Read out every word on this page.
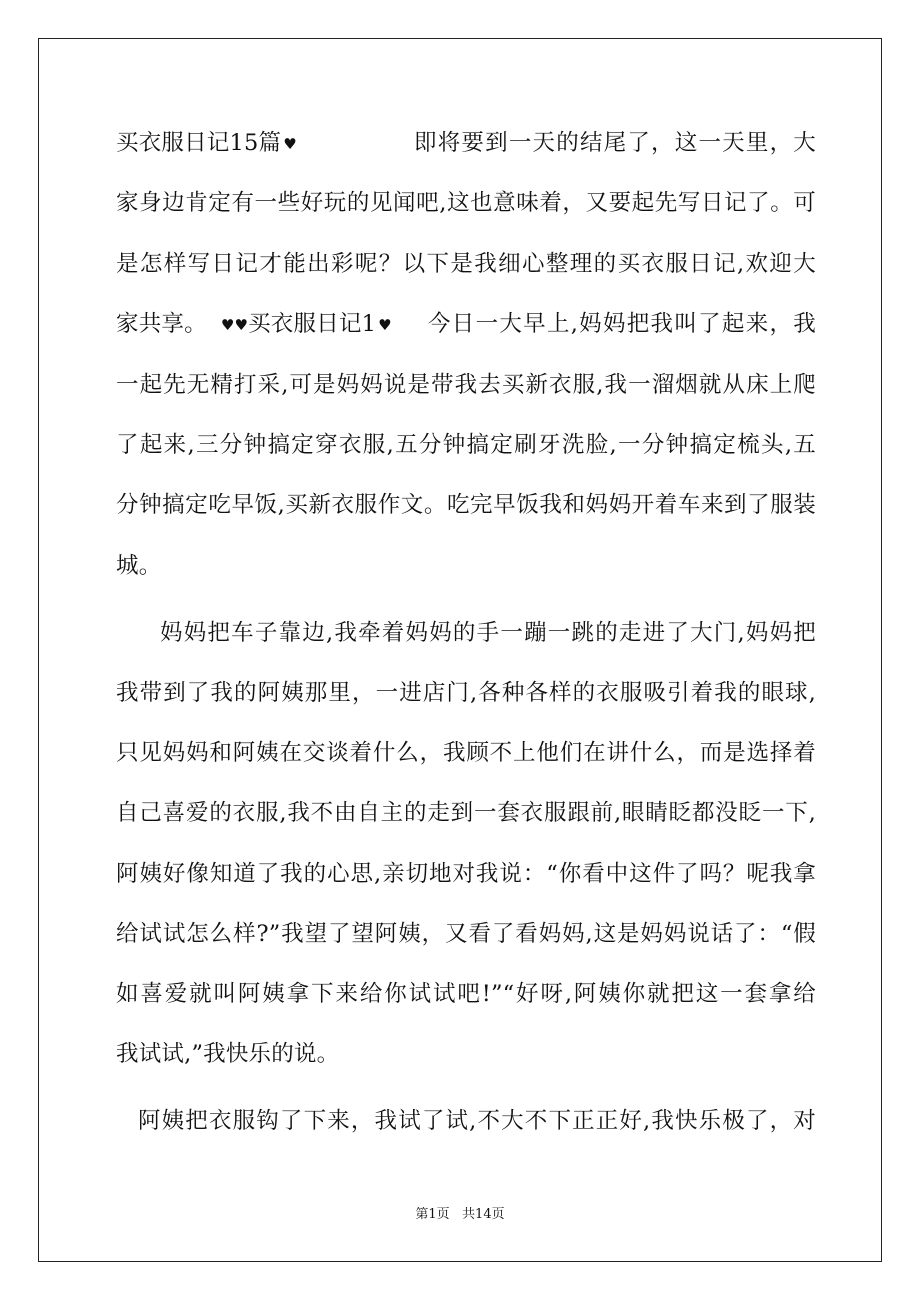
买衣服日记15篇 ♥	即将要到一天的结尾了，这一天里，大
家身边肯定有一些好玩的见闻吧,这也意味着，又要起先写日记了。可
是怎样写日记才能出彩呢？以下是我细心整理的买衣服日记,欢迎大
家共享。 ♥♥买衣服日记1 ♥ 今日一大早上,妈妈把我叫了起来，我
一起先无精打采,可是妈妈说是带我去买新衣服,我一溜烟就从床上爬
了起来,三分钟搞定穿衣服,五分钟搞定刷牙洗脸,一分钟搞定梳头,五
分钟搞定吃早饭,买新衣服作文。吃完早饭我和妈妈开着车来到了服装
城。
妈妈把车子靠边,我牵着妈妈的手一蹦一跳的走进了大门,妈妈把
我带到了我的阿姨那里，一进店门,各种各样的衣服吸引着我的眼球,
只见妈妈和阿姨在交谈着什么，我顾不上他们在讲什么，而是选择着
自己喜爱的衣服,我不由自主的走到一套衣服跟前,眼睛眨都没眨一下,
阿姨好像知道了我的心思,亲切地对我说：“你看中这件了吗？呢我拿
给试试怎么样?”我望了望阿姨，又看了看妈妈,这是妈妈说话了：“假
如喜爱就叫阿姨拿下来给你试试吧!”“好呀,阿姨你就把这一套拿给
我试试,”我快乐的说。
阿姨把衣服钩了下来，我试了试,不大不下正正好,我快乐极了，对
第1页   共14页
